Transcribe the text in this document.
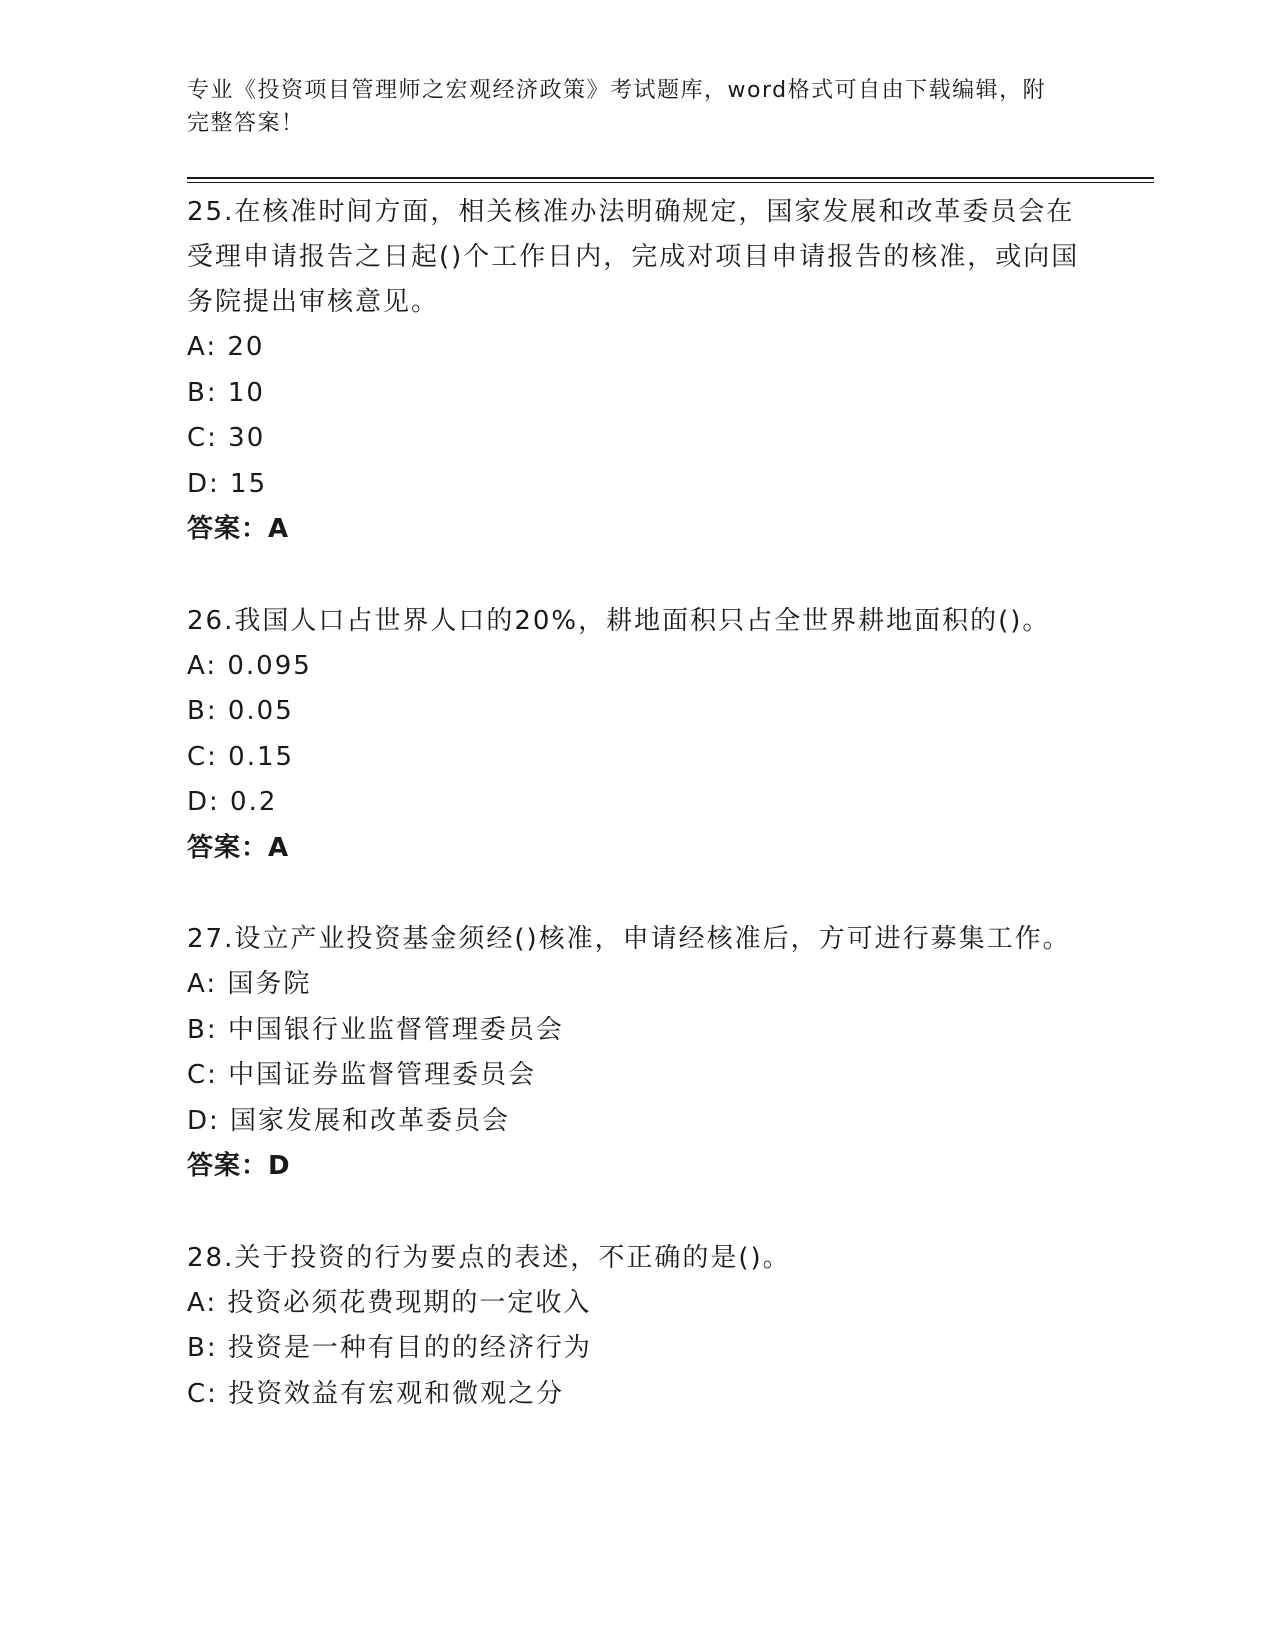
专业《投资项目管理师之宏观经济政策》考试题库，word格式可自由下载编辑，附完整答案！
25.在核准时间方面，相关核准办法明确规定，国家发展和改革委员会在受理申请报告之日起()个工作日内，完成对项目申请报告的核准，或向国务院提出审核意见。
A: 20
B: 10
C: 30
D: 15
答案：A
26.我国人口占世界人口的20%，耕地面积只占全世界耕地面积的()。
A: 0.095
B: 0.05
C: 0.15
D: 0.2
答案：A
27.设立产业投资基金须经()核准，申请经核准后，方可进行募集工作。
A: 国务院
B: 中国银行业监督管理委员会
C: 中国证券监督管理委员会
D: 国家发展和改革委员会
答案：D
28.关于投资的行为要点的表述，不正确的是()。
A: 投资必须花费现期的一定收入
B: 投资是一种有目的的经济行为
C: 投资效益有宏观和微观之分
